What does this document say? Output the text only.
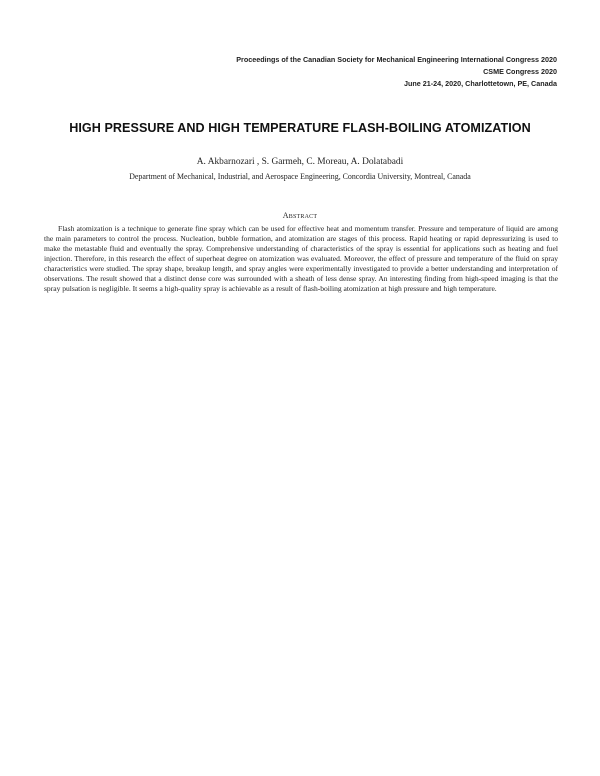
Proceedings of the Canadian Society for Mechanical Engineering International Congress 2020
CSME Congress 2020
June 21-24, 2020, Charlottetown, PE, Canada
HIGH PRESSURE AND HIGH TEMPERATURE FLASH-BOILING ATOMIZATION
A. Akbarnozari , S. Garmeh, C. Moreau, A. Dolatabadi
Department of Mechanical, Industrial, and Aerospace Engineering, Concordia University, Montreal, Canada
Abstract

Flash atomization is a technique to generate fine spray which can be used for effective heat and momentum transfer. Pressure and temperature of liquid are among the main parameters to control the process. Nucleation, bubble formation, and atomization are stages of this process. Rapid heating or rapid depressurizing is used to make the metastable fluid and eventually the spray. Comprehensive understanding of characteristics of the spray is essential for applications such as heating and fuel injection. Therefore, in this research the effect of superheat degree on atomization was evaluated. Moreover, the effect of pressure and temperature of the fluid on spray characteristics were studied. The spray shape, breakup length, and spray angles were experimentally investigated to provide a better understanding and interpretation of observations. The result showed that a distinct dense core was surrounded with a sheath of less dense spray. An interesting finding from high-speed imaging is that the spray pulsation is negligible. It seems a high-quality spray is achievable as a result of flash-boiling atomization at high pressure and high temperature.
